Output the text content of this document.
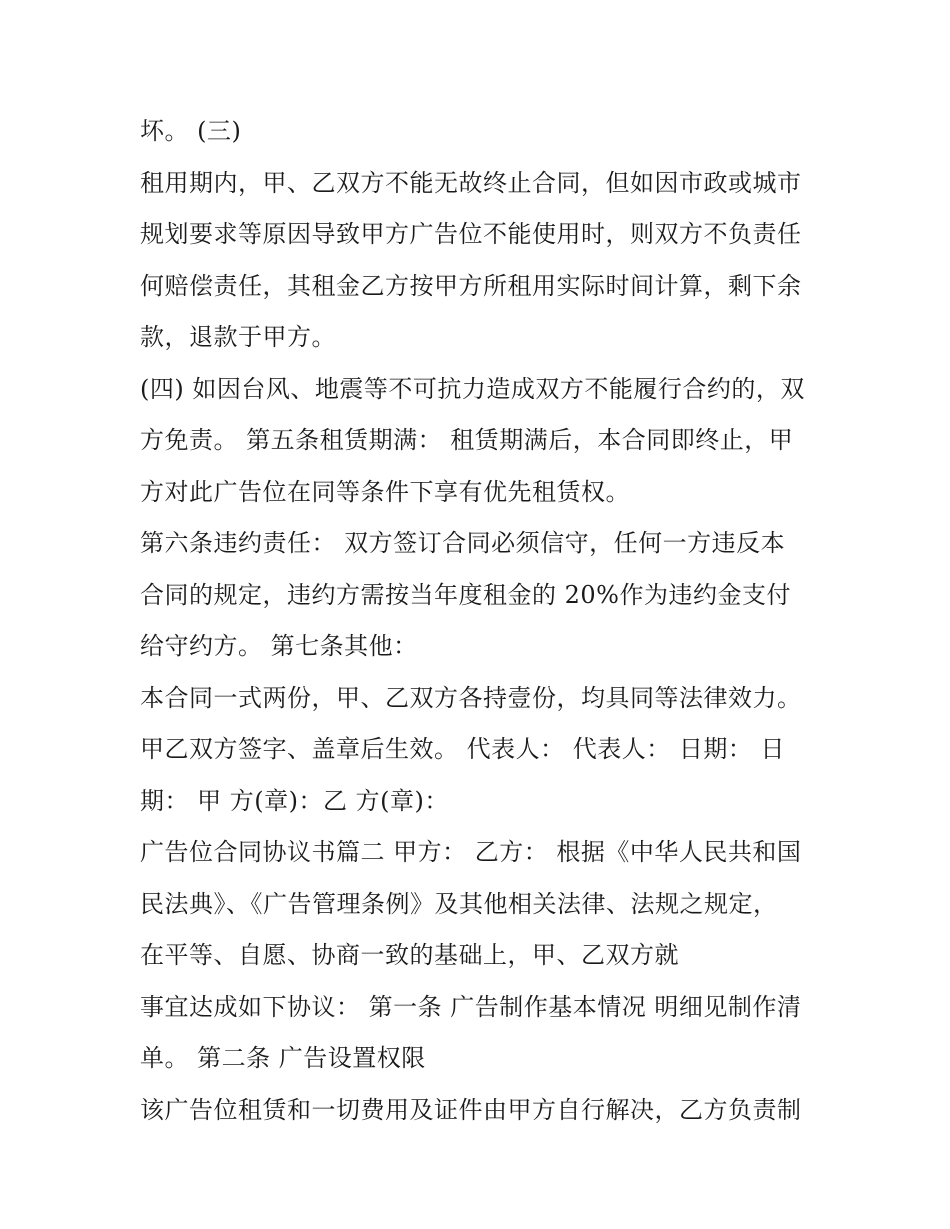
坏。 (三)
租用期内，甲、乙双方不能无故终止合同，但如因市政或城市
规划要求等原因导致甲方广告位不能使用时，则双方不负责任
何赔偿责任，其租金乙方按甲方所租用实际时间计算，剩下余
款，退款于甲方。
(四) 如因台风、地震等不可抗力造成双方不能履行合约的，双
方免责。 第五条租赁期满： 租赁期满后，本合同即终止，甲
方对此广告位在同等条件下享有优先租赁权。
第六条违约责任： 双方签订合同必须信守，任何一方违反本
合同的规定，违约方需按当年度租金的 20%作为违约金支付
给守约方。 第七条其他：
本合同一式两份，甲、乙双方各持壹份，均具同等法律效力。
甲乙双方签字、盖章后生效。 代表人： 代表人： 日期： 日
期： 甲 方(章)：乙 方(章)：
广告位合同协议书篇二 甲方： 乙方： 根据《中华人民共和国
民法典》、《广告管理条例》及其他相关法律、法规之规定，
在平等、自愿、协商一致的基础上，甲、乙双方就
事宜达成如下协议： 第一条 广告制作基本情况 明细见制作清
单。 第二条 广告设置权限
该广告位租赁和一切费用及证件由甲方自行解决，乙方负责制
